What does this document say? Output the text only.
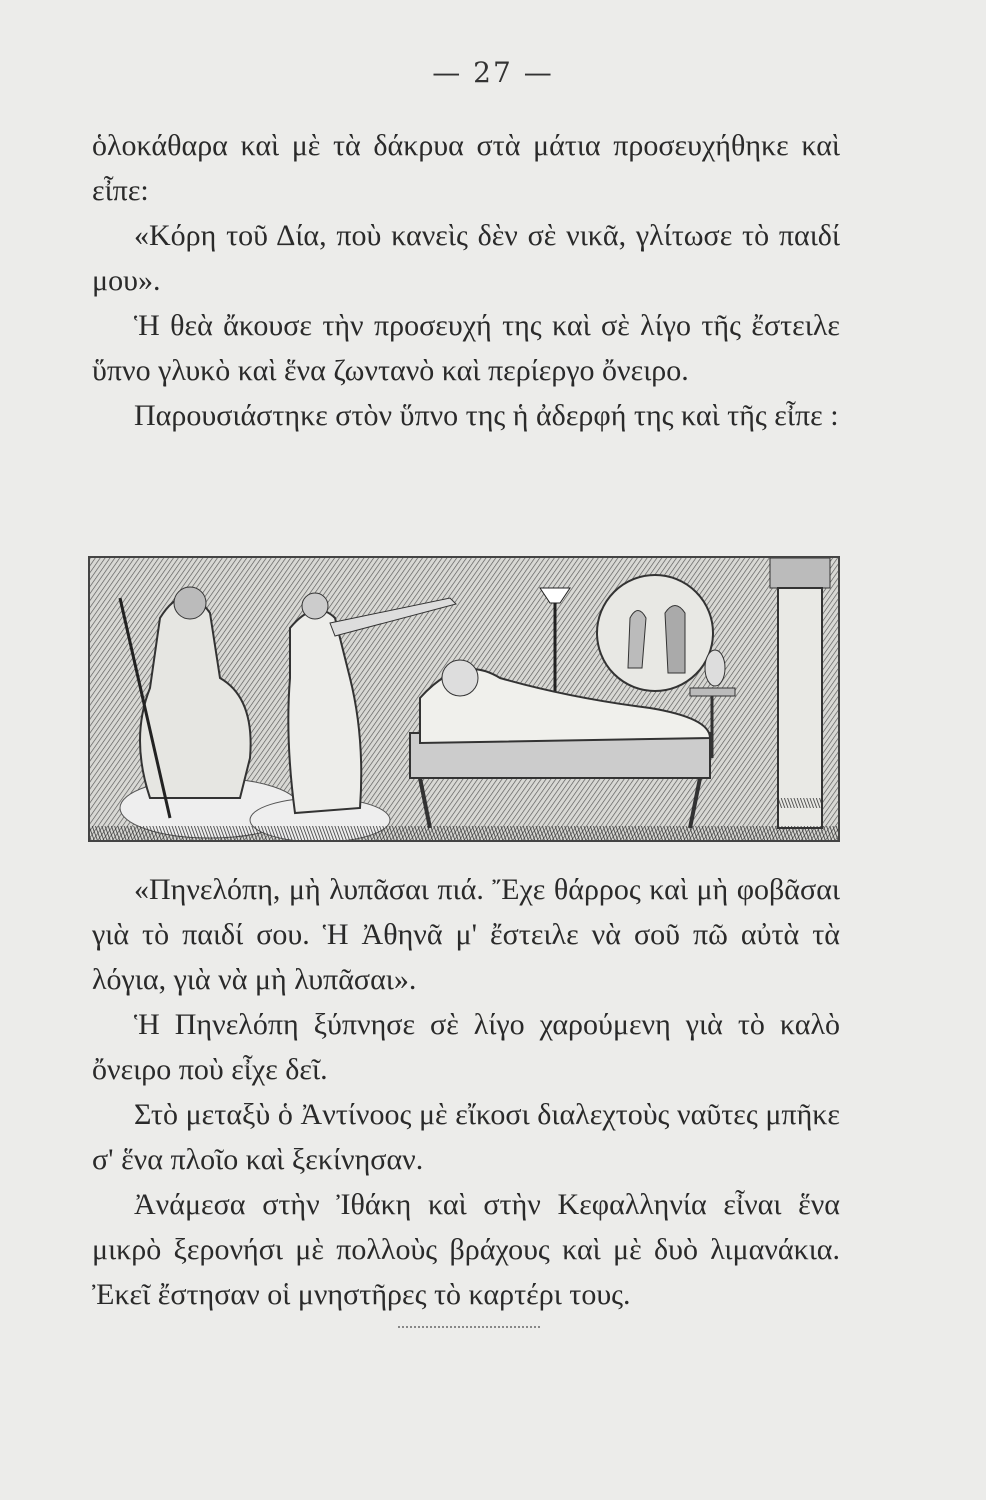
— 27 —

ὁλοκάθαρα καὶ μὲ τὰ δάκρυα στὰ μάτια προσευχήθηκε καὶ εἶπε:

«Κόρη τοῦ Δία, ποὺ κανεὶς δὲν σὲ νικᾶ, γλίτωσε τὸ παιδί μου».

Ἡ θεὰ ἄκουσε τὴν προσευχή της καὶ σὲ λίγο τῆς ἔστειλε ὕπνο γλυκὸ καὶ ἕνα ζωντανὸ καὶ περίεργο ὄνειρο.

Παρουσιάστηκε στὸν ὕπνο της ἡ ἀδερφή της καὶ τῆς εἶπε :

«Πηνελόπη, μὴ λυπᾶσαι πιά. Ἔχε θάρρος καὶ μὴ φοβᾶσαι γιὰ τὸ παιδί σου. Ἡ Ἀθηνᾶ μ' ἔστειλε νὰ σοῦ πῶ αὐτὰ τὰ λόγια, γιὰ νὰ μὴ λυπᾶσαι».

Ἡ Πηνελόπη ξύπνησε σὲ λίγο χαρούμενη γιὰ τὸ καλὸ ὄνειρο ποὺ εἶχε δεῖ.

Στὸ μεταξὺ ὁ Ἀντίνοος μὲ εἴκοσι διαλεχτοὺς ναῦτες μπῆκε σ' ἕνα πλοῖο καὶ ξεκίνησαν.

Ἀνάμεσα στὴν Ἰθάκη καὶ στὴν Κεφαλληνία εἶναι ἕνα μικρὸ ξερονήσι μὲ πολλοὺς βράχους καὶ μὲ δυὸ λιμανάκια. Ἐκεῖ ἔστησαν οἱ μνηστῆρες τὸ καρτέρι τους.
